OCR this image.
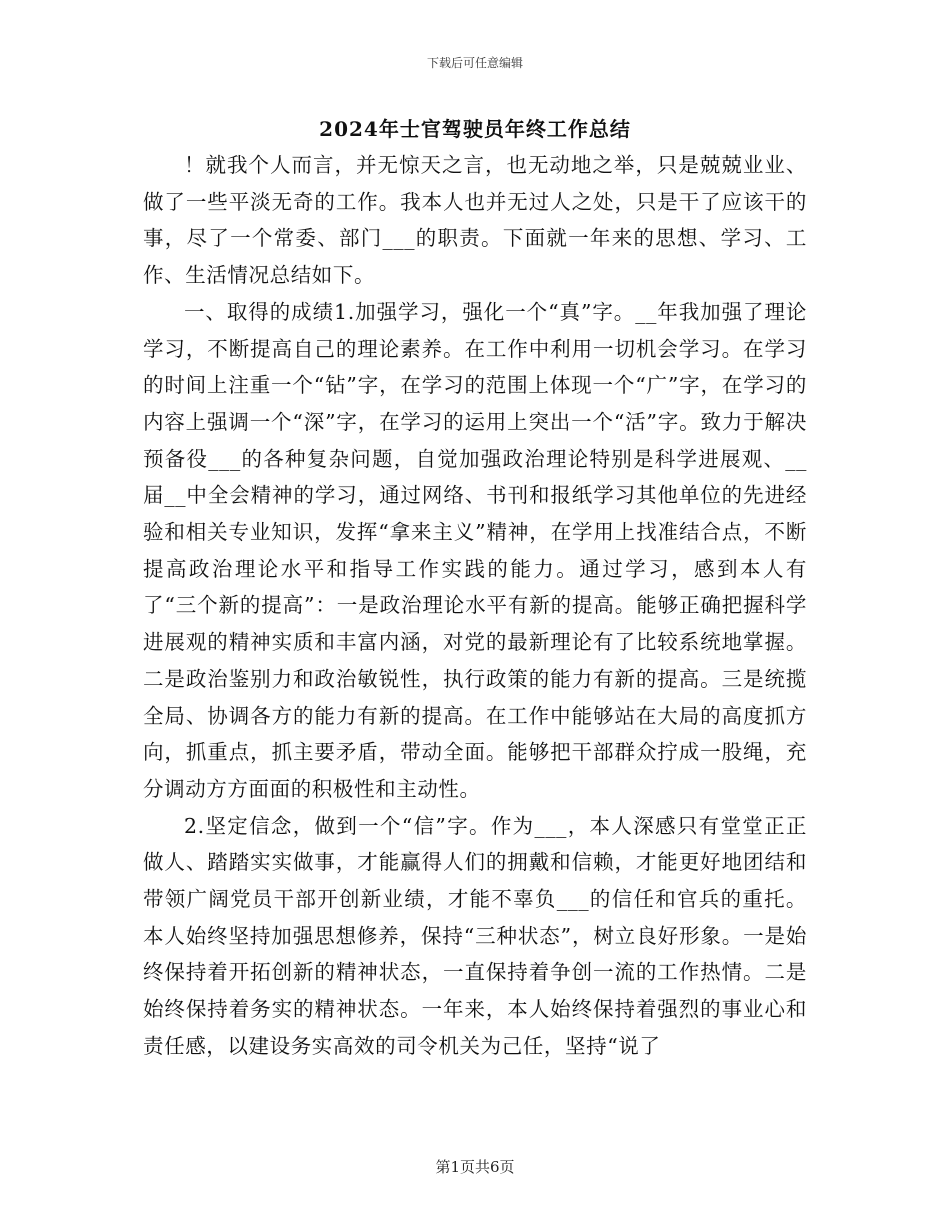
下载后可任意编辑
2024年士官驾驶员年终工作总结

！就我个人而言，并无惊天之言，也无动地之举，只是兢兢业业、做了一些平淡无奇的工作。我本人也并无过人之处，只是干了应该干的事，尽了一个常委、部门___的职责。下面就一年来的思想、学习、工作、生活情况总结如下。

一、取得的成绩1.加强学习，强化一个“真”字。__年我加强了理论学习，不断提高自己的理论素养。在工作中利用一切机会学习。在学习的时间上注重一个“钻”字，在学习的范围上体现一个“广”字，在学习的内容上强调一个“深”字，在学习的运用上突出一个“活”字。致力于解决预备役___的各种复杂问题，自觉加强政治理论特别是科学进展观、__届__中全会精神的学习，通过网络、书刊和报纸学习其他单位的先进经验和相关专业知识，发挥“拿来主义”精神，在学用上找准结合点，不断提高政治理论水平和指导工作实践的能力。通过学习，感到本人有了“三个新的提高”：一是政治理论水平有新的提高。能够正确把握科学进展观的精神实质和丰富内涵，对党的最新理论有了比较系统地掌握。二是政治鉴别力和政治敏锐性，执行政策的能力有新的提高。三是统揽全局、协调各方的能力有新的提高。在工作中能够站在大局的高度抓方向，抓重点，抓主要矛盾，带动全面。能够把干部群众拧成一股绳，充分调动方方面面的积极性和主动性。

2.坚定信念，做到一个“信”字。作为___，本人深感只有堂堂正正做人、踏踏实实做事，才能赢得人们的拥戴和信赖，才能更好地团结和带领广阔党员干部开创新业绩，才能不辜负___的信任和官兵的重托。本人始终坚持加强思想修养，保持“三种状态”，树立良好形象。一是始终保持着开拓创新的精神状态，一直保持着争创一流的工作热情。二是始终保持着务实的精神状态。一年来，本人始终保持着强烈的事业心和责任感，以建设务实高效的司令机关为己任，坚持“说了

第1页共6页
